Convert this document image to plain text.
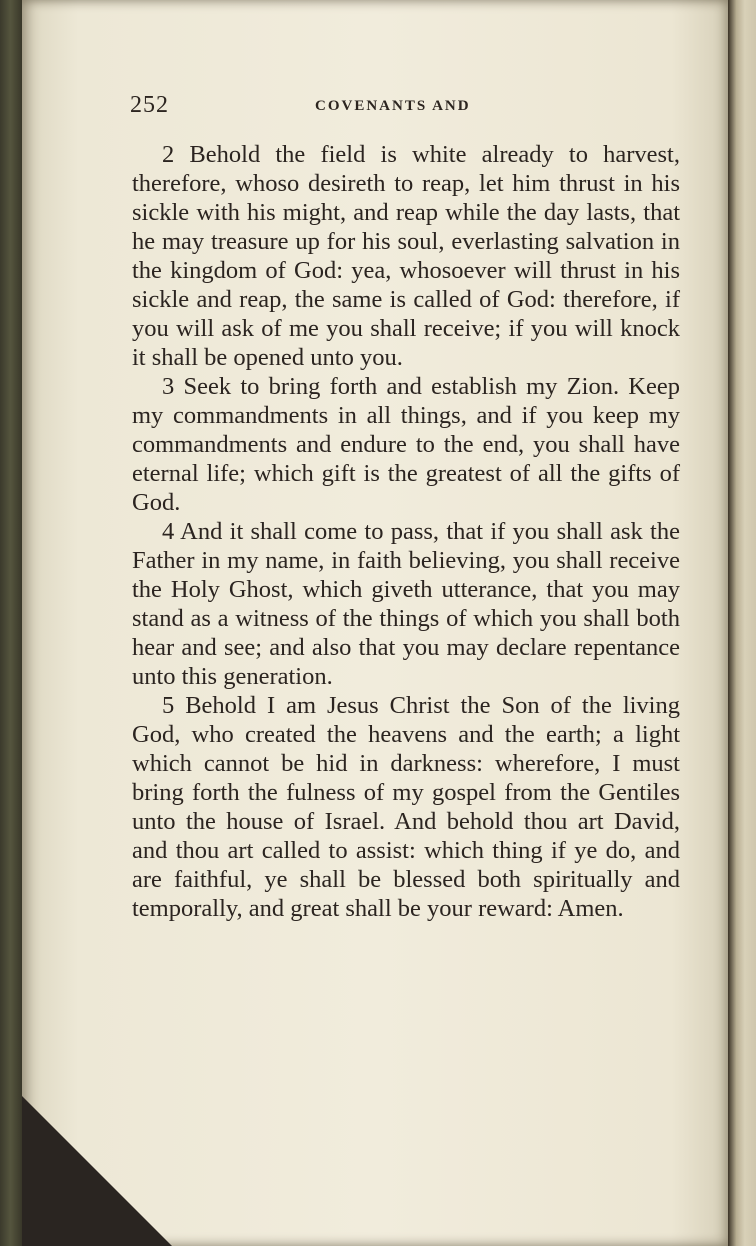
252	COVENANTS AND

2 Behold the field is white already to harvest, therefore, whoso desireth to reap, let him thrust in his sickle with his might, and reap while the day lasts, that he may treasure up for his soul, everlasting salvation in the kingdom of God: yea, whosoever will thrust in his sickle and reap, the same is called of God: therefore, if you will ask of me you shall receive; if you will knock it shall be opened unto you.

3 Seek to bring forth and establish my Zion. Keep my commandments in all things, and if you keep my commandments and endure to the end, you shall have eternal life; which gift is the greatest of all the gifts of God.

4 And it shall come to pass, that if you shall ask the Father in my name, in faith believing, you shall receive the Holy Ghost, which giveth utterance, that you may stand as a witness of the things of which you shall both hear and see; and also that you may declare repentance unto this generation.

5 Behold I am Jesus Christ the Son of the living God, who created the heavens and the earth; a light which cannot be hid in darkness: wherefore, I must bring forth the fulness of my gospel from the Gentiles unto the house of Israel. And behold thou art David, and thou art called to assist: which thing if ye do, and are faithful, ye shall be blessed both spiritually and temporally, and great shall be your reward: Amen.
